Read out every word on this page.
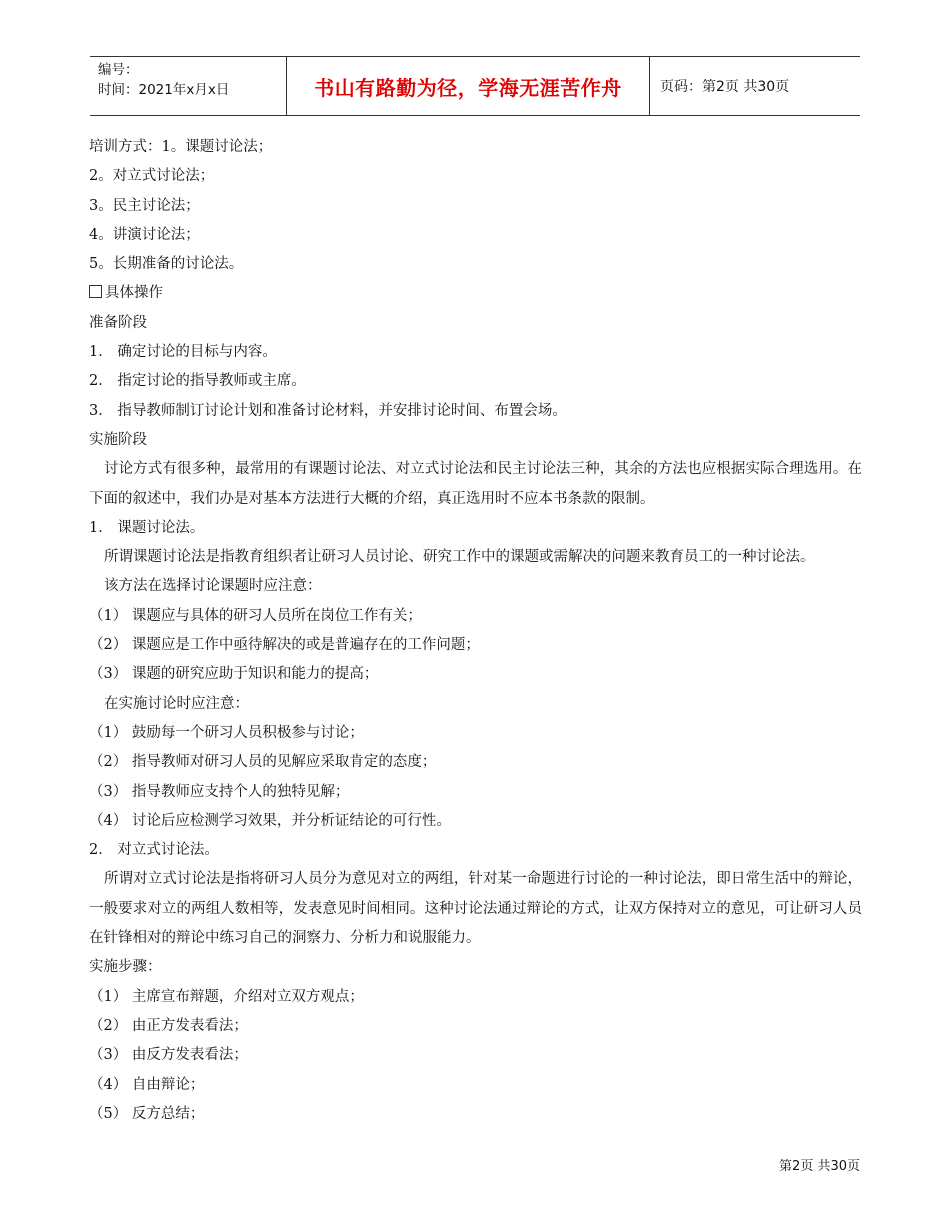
编号：
时间：2021年x月x日	书山有路勤为径，学海无涯苦作舟	页码：第2页 共30页

培训方式：1。课题讨论法；

2。对立式讨论法；

3。民主讨论法；

4。讲演讨论法；

5。长期准备的讨论法。

具体操作

准备阶段

1． 确定讨论的目标与内容。

2． 指定讨论的指导教师或主席。

3． 指导教师制订讨论计划和准备讨论材料，并安排讨论时间、布置会场。

实施阶段

讨论方式有很多种，最常用的有课题讨论法、对立式讨论法和民主讨论法三种，其余的方法也应根据实际合理选用。在下面的叙述中，我们办是对基本方法进行大概的介绍，真正选用时不应本书条款的限制。

1． 课题讨论法。

所谓课题讨论法是指教育组织者让研习人员讨论、研究工作中的课题或需解决的问题来教育员工的一种讨论法。

该方法在选择讨论课题时应注意：

（1） 课题应与具体的研习人员所在岗位工作有关；

（2） 课题应是工作中亟待解决的或是普遍存在的工作问题；

（3） 课题的研究应助于知识和能力的提高；

在实施讨论时应注意：

（1） 鼓励每一个研习人员积极参与讨论；

（2） 指导教师对研习人员的见解应采取肯定的态度；

（3） 指导教师应支持个人的独特见解；

（4） 讨论后应检测学习效果，并分析证结论的可行性。

2． 对立式讨论法。

所谓对立式讨论法是指将研习人员分为意见对立的两组，针对某一命题进行讨论的一种讨论法，即日常生活中的辩论，一般要求对立的两组人数相等，发表意见时间相同。这种讨论法通过辩论的方式，让双方保持对立的意见，可让研习人员在针锋相对的辩论中练习自己的洞察力、分析力和说服能力。

实施步骤：

（1） 主席宣布辩题，介绍对立双方观点；

（2） 由正方发表看法；

（3） 由反方发表看法；

（4） 自由辩论；

（5） 反方总结；

第2页 共30页
